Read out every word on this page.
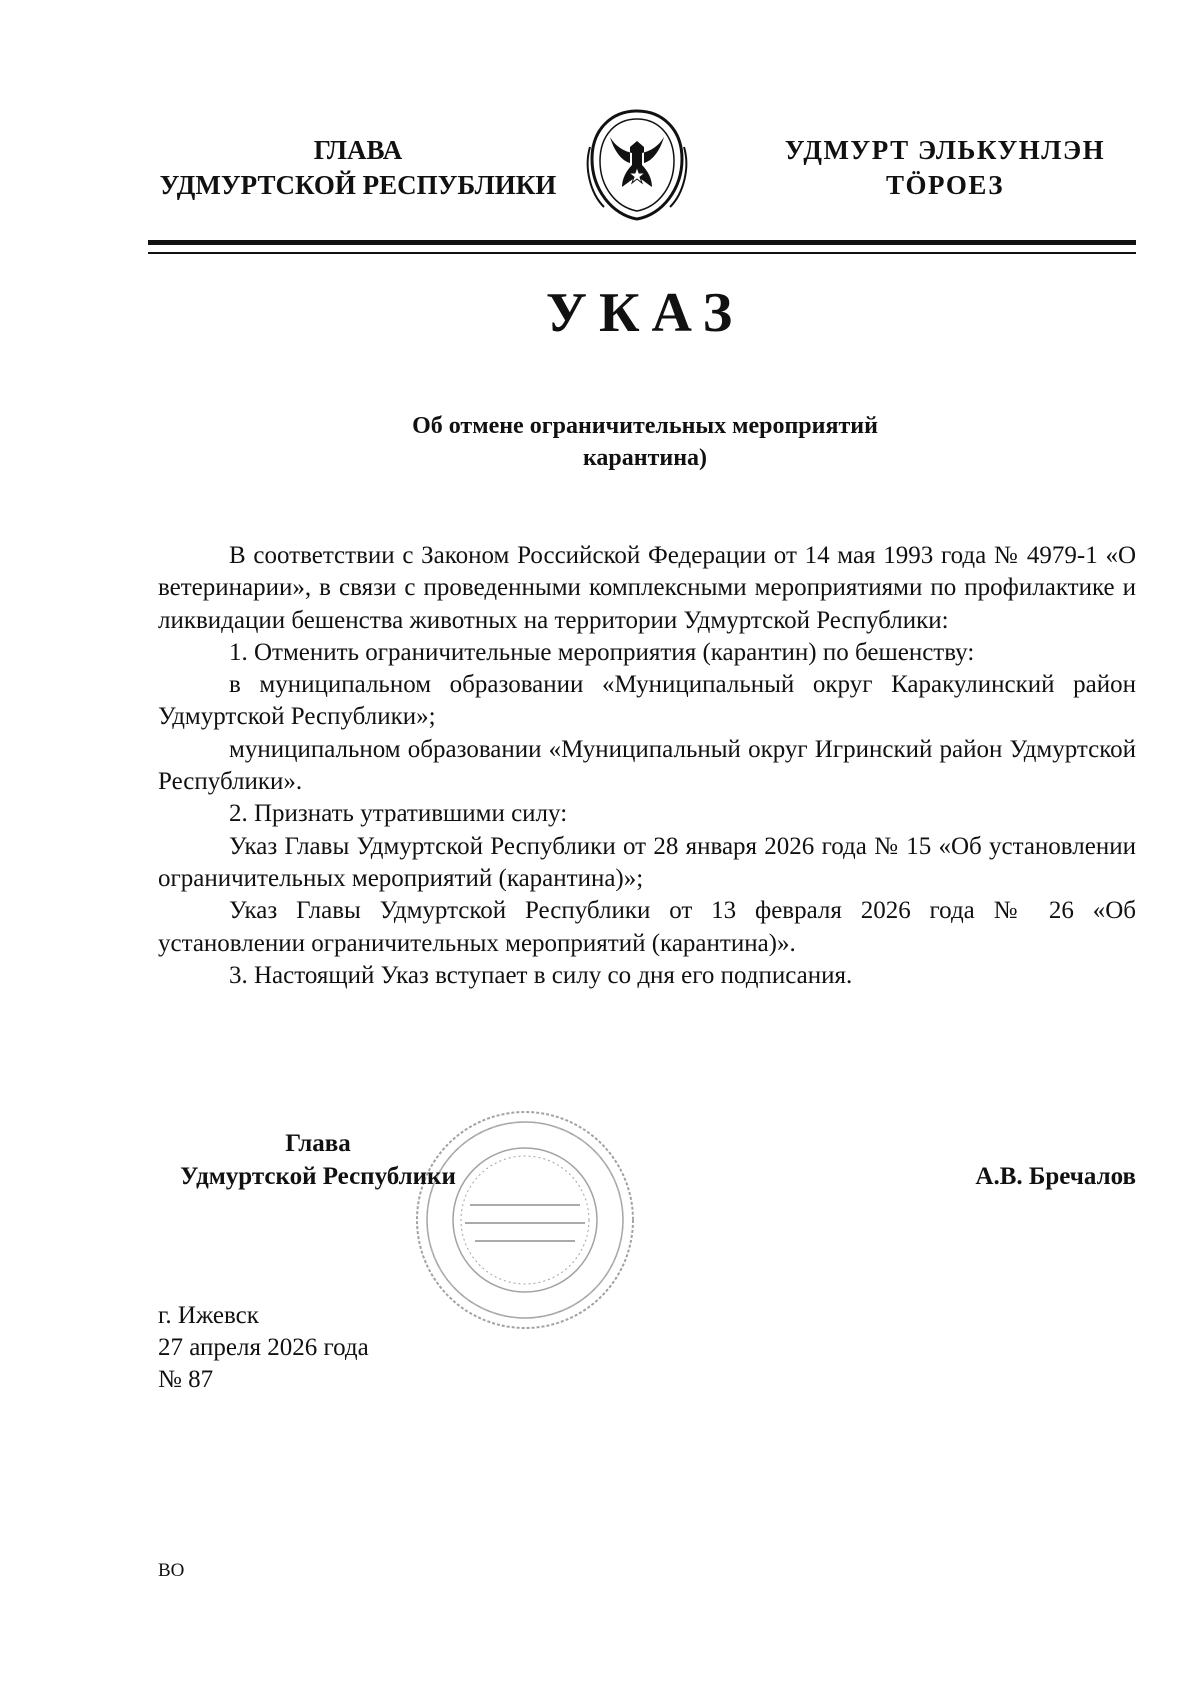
ГЛАВА
УДМУРТСКОЙ РЕСПУБЛИКИ
УДМУРТ ЭЛЬКУНЛЭН
ТÖРОЕЗ
УКАЗ
Об отмене ограничительных мероприятий
карантина)
В соответствии с Законом Российской Федерации от 14 мая 1993 года № 4979-1 «О ветеринарии», в связи с проведенными комплексными мероприятиями по профилактике и ликвидации бешенства животных на территории Удмуртской Республики:
1. Отменить ограничительные мероприятия (карантин) по бешенству:
в муниципальном образовании «Муниципальный округ Каракулинский район Удмуртской Республики»;
муниципальном образовании «Муниципальный округ Игринский район Удмуртской Республики».
2. Признать утратившими силу:
Указ Главы Удмуртской Республики от 28 января 2026 года № 15 «Об установлении ограничительных мероприятий (карантина)»;
Указ Главы Удмуртской Республики от 13 февраля 2026 года № 26 «Об установлении ограничительных мероприятий (карантина)».
3. Настоящий Указ вступает в силу со дня его подписания.
Глава
Удмуртской Республики	А.В. Бречалов
г. Ижевск
27 апреля 2026 года
№ 87
ВО
